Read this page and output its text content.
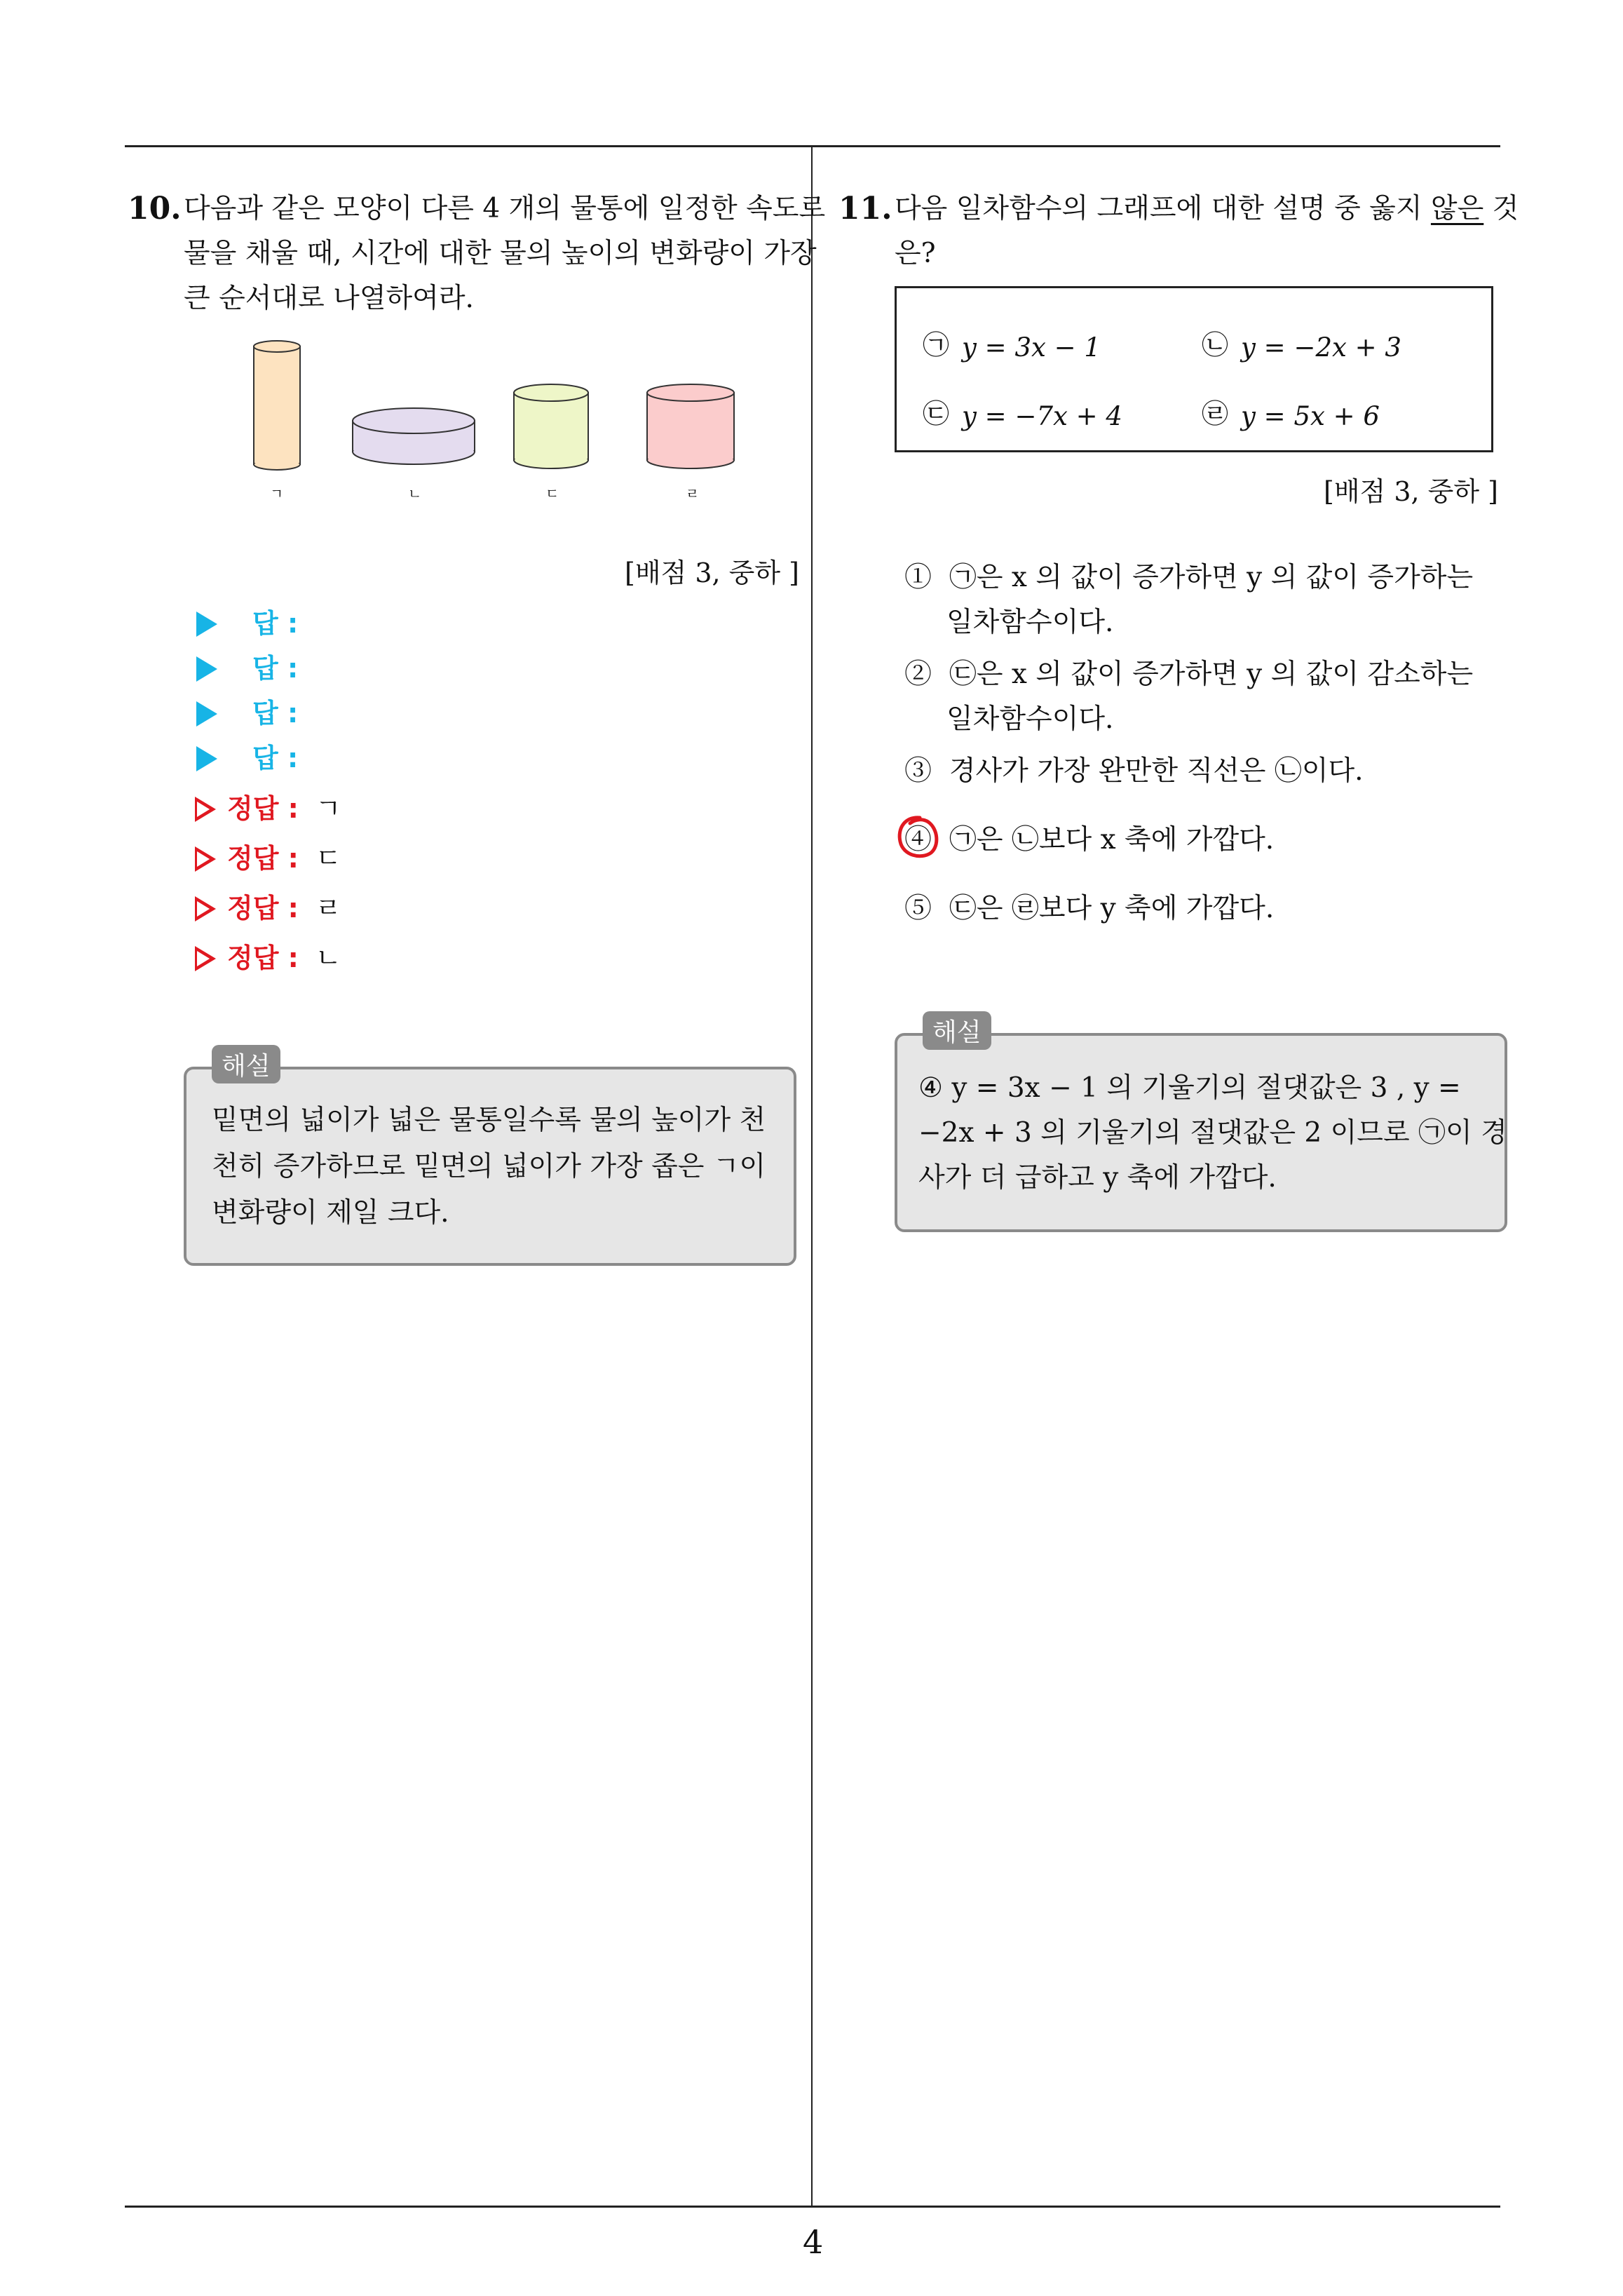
10. 다음과 같은 모양이 다른 4 개의 물통에 일정한 속도로
물을 채울 때, 시간에 대한 물의 높이의 변화량이 가장
큰 순서대로 나열하여라.
ㄱ	ㄴ	ㄷ	ㄹ
[배점 3, 중하 ]
답 :
답 :
답 :
답 :
정답 : ㄱ
정답 : ㄷ
정답 : ㄹ
정답 : ㄴ
해설
밑면의 넓이가 넓은 물통일수록 물의 높이가 천
천히 증가하므로 밑면의 넓이가 가장 좁은 ㄱ이
변화량이 제일 크다.
11. 다음 일차함수의 그래프에 대한 설명 중 옳지 않은 것
은?
㉠ y = 3x − 1	㉡ y = −2x + 3
㉢ y = −7x + 4	㉣ y = 5x + 6
[배점 3, 중하 ]
① ㉠은 x 의 값이 증가하면 y 의 값이 증가하는
일차함수이다.
② ㉢은 x 의 값이 증가하면 y 의 값이 감소하는
일차함수이다.
③ 경사가 가장 완만한 직선은 ㉡이다.
④ ㉠은 ㉡보다 x 축에 가깝다.
⑤ ㉢은 ㉣보다 y 축에 가깝다.
해설
④ y = 3x − 1 의 기울기의 절댓값은 3 , y =
−2x + 3 의 기울기의 절댓값은 2 이므로 ㉠이 경
사가 더 급하고 y 축에 가깝다.
4
